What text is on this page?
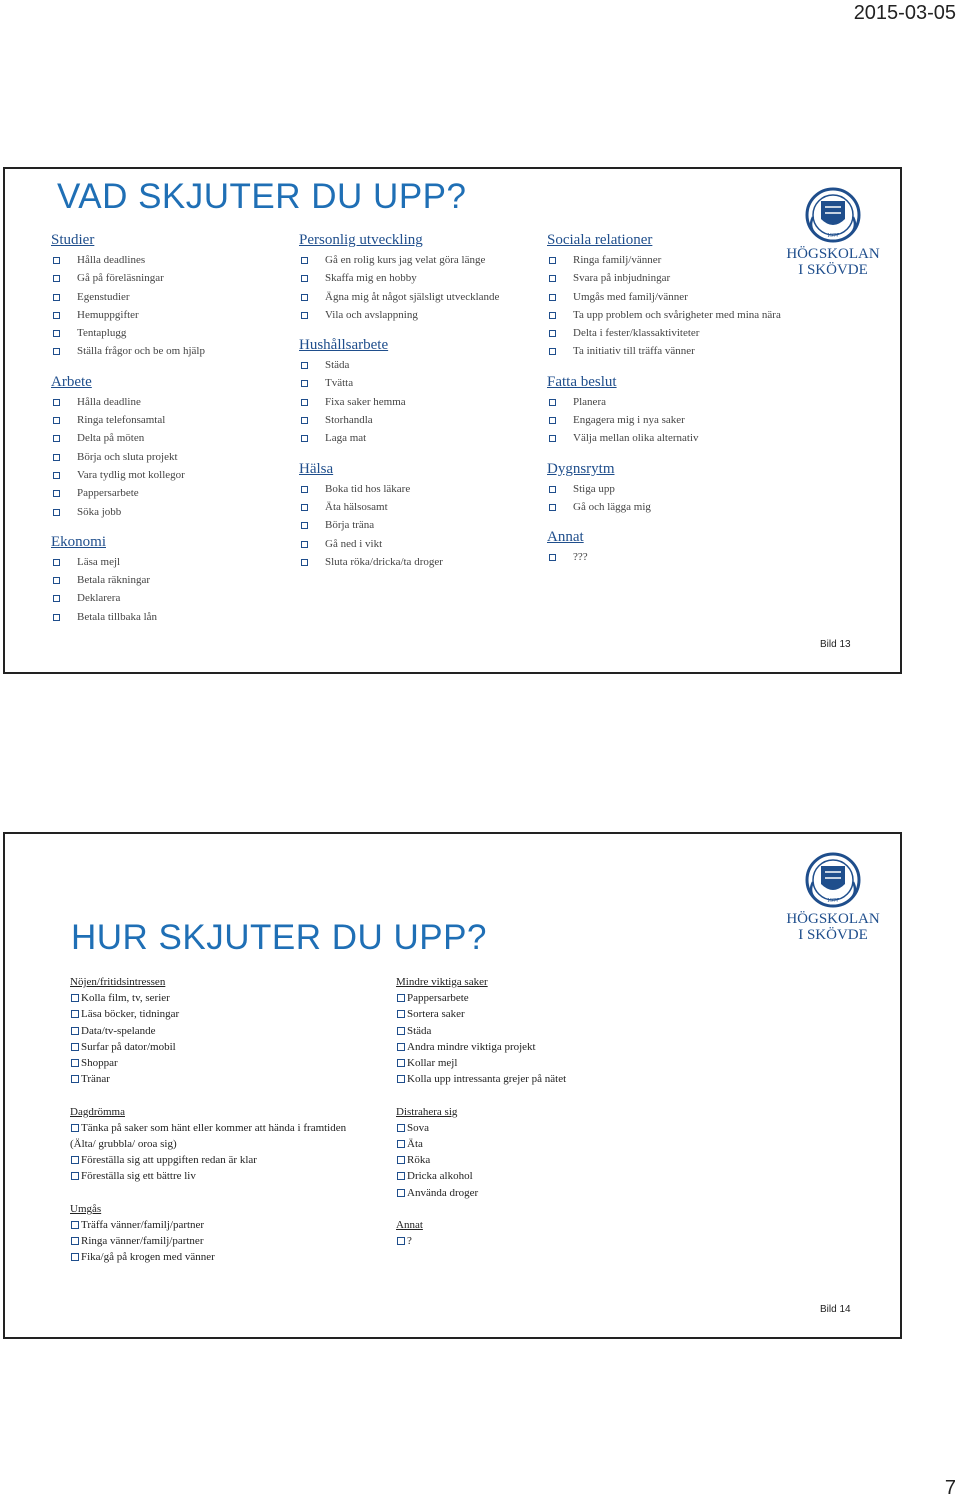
2015-03-05
VAD SKJUTER DU UPP?
Studier
Hålla deadlines
Gå på föreläsningar
Egenstudier
Hemuppgifter
Tentaplugg
Ställa frågor och be om hjälp
Arbete
Hålla deadline
Ringa telefonsamtal
Delta på möten
Börja och sluta projekt
Vara tydlig mot kollegor
Pappersarbete
Söka jobb
Ekonomi
Läsa mejl
Betala räkningar
Deklarera
Betala tillbaka lån
Personlig utveckling
Gå en rolig kurs jag velat göra länge
Skaffa mig en hobby
Ägna mig åt något själsligt utvecklande
Vila och avslappning
Hushållsarbete
Städa
Tvätta
Fixa saker hemma
Storhandla
Laga mat
Hälsa
Boka tid hos läkare
Äta hälsosamt
Börja träna
Gå ned i vikt
Sluta röka/dricka/ta droger
Sociala relationer
Ringa familj/vänner
Svara på inbjudningar
Umgås med familj/vänner
Ta upp problem och svårigheter med mina nära
Delta i fester/klassaktiviteter
Ta initiativ till träffa vänner
Fatta beslut
Planera
Engagera mig i nya saker
Välja mellan olika alternativ
Dygnsrytm
Stiga upp
Gå och lägga mig
Annat
???
1977
HÖGSKOLAN
I SKÖVDE
Bild 13
HUR SKJUTER DU UPP?
Nöjen/fritidsintressen
Kolla film, tv, serier
Läsa böcker, tidningar
Data/tv-spelande
Surfar på dator/mobil
Shoppar
Tränar
Dagdrömma
Tänka på saker som hänt eller kommer att hända i framtiden
(Älta/ grubbla/ oroa sig)
Föreställa sig att uppgiften redan är klar
Föreställa sig ett bättre liv
Umgås
Träffa vänner/familj/partner
Ringa vänner/familj/partner
Fika/gå på krogen med vänner
Mindre viktiga saker
Pappersarbete
Sortera saker
Städa
Andra mindre viktiga projekt
Kollar mejl
Kolla upp intressanta grejer på nätet
Distrahera sig
Sova
Äta
Röka
Dricka alkohol
Använda droger
Annat
?
1977
HÖGSKOLAN
I SKÖVDE
Bild 14
7
